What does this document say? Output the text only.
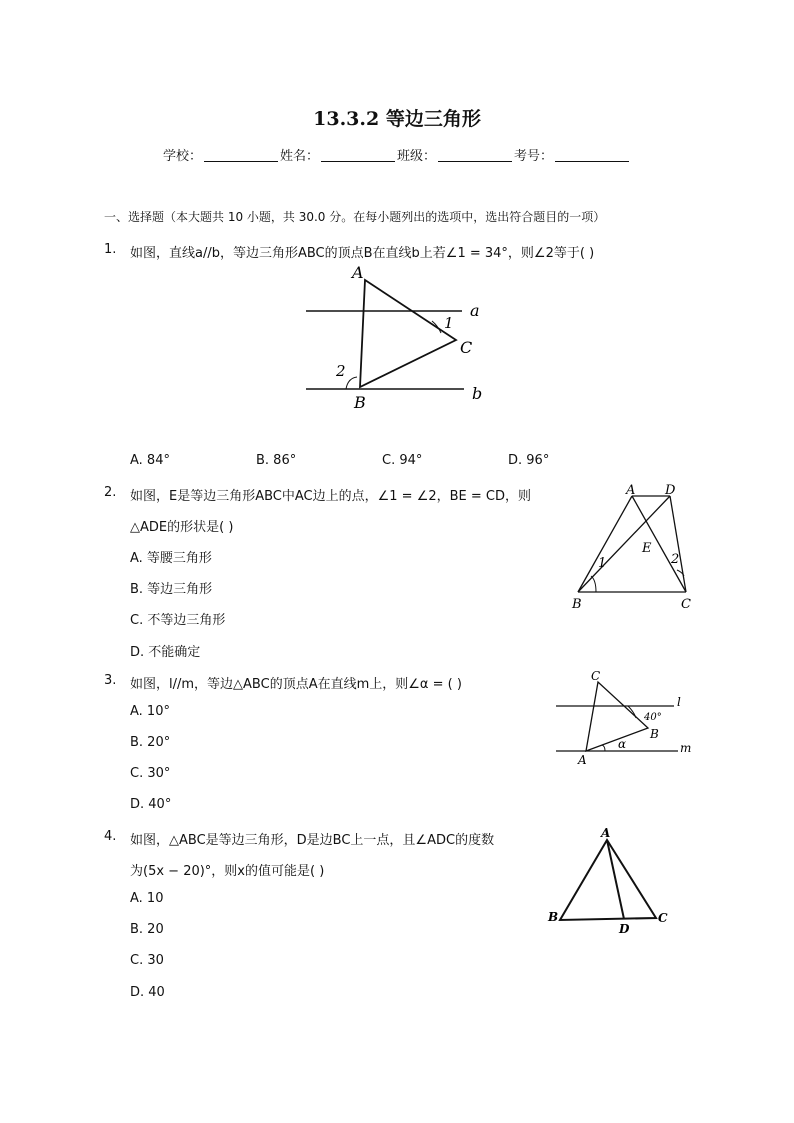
13.3.2 等边三角形
学校：	姓名：	班级：	考号：
一、选择题（本大题共 10 小题，共 30.0 分。在每小题列出的选项中，选出符合题目的一项）
1. 如图，直线a//b，等边三角形ABC的顶点B在直线b上若∠1 = 34°，则∠2等于( )
A
B
C
a
b
1
2
A. 84°	B. 86°	C. 94°	D. 96°
2. 如图，E是等边三角形ABC中AC边上的点，∠1 = ∠2，BE = CD，则
△ADE的形状是( )
A D
E
B	C
1	2
A. 等腰三角形
B. 等边三角形
C. 不等边三角形
D. 不能确定
3. 如图，l//m，等边△ABC的顶点A在直线m上，则∠α = ( )
C
B
A
l
m
40°
α
A. 10°
B. 20°
C. 30°
D. 40°
4. 如图，△ABC是等边三角形，D是边BC上一点，且∠ADC的度数
为(5x − 20)°，则x的值可能是( )
A
B	C
D
A. 10
B. 20
C. 30
D. 40
